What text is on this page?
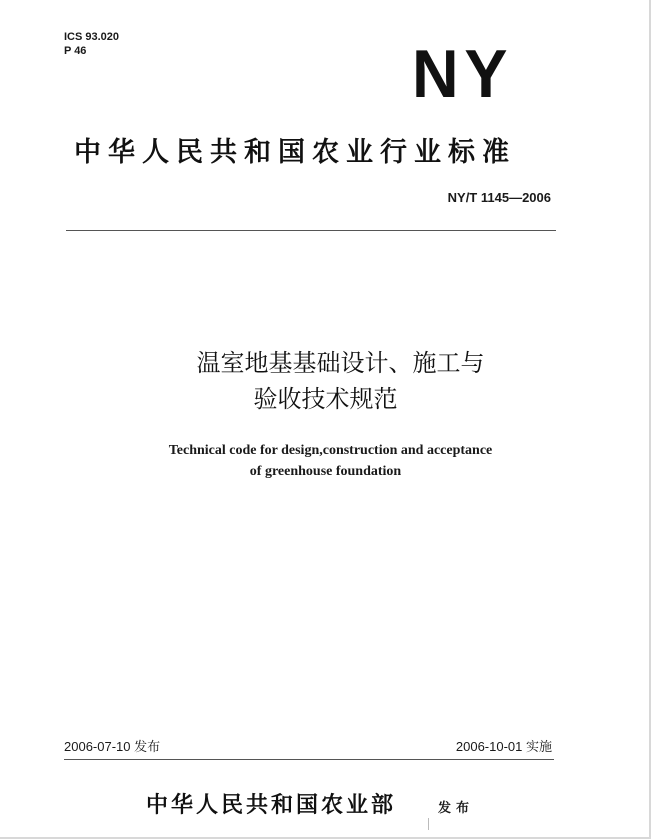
ICS 93.020
P 46	NY
中华人民共和国农业行业标准
NY/T 1145—2006
温室地基基础设计、施工与
验收技术规范
Technical code for design,construction and acceptance
of greenhouse foundation
2006-07-10 发布	2006-10-01 实施
中华人民共和国农业部	发布
